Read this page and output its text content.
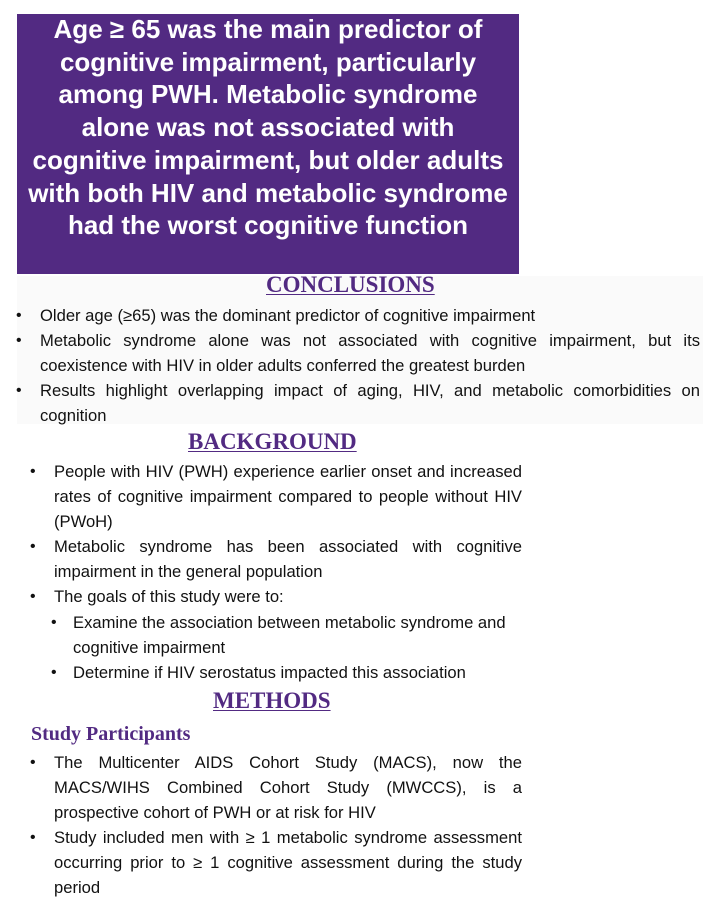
Age ≥ 65 was the main predictor of cognitive impairment, particularly among PWH. Metabolic syndrome alone was not associated with cognitive impairment, but older adults with both HIV and metabolic syndrome had the worst cognitive function
CONCLUSIONS
• Older age (≥65) was the dominant predictor of cognitive impairment
• Metabolic syndrome alone was not associated with cognitive impairment, but its coexistence with HIV in older adults conferred the greatest burden
• Results highlight overlapping impact of aging, HIV, and metabolic comorbidities on cognition
BACKGROUND
• People with HIV (PWH) experience earlier onset and increased rates of cognitive impairment compared to people without HIV (PWoH)
• Metabolic syndrome has been associated with cognitive impairment in the general population
• The goals of this study were to:
• Examine the association between metabolic syndrome and cognitive impairment
• Determine if HIV serostatus impacted this association
METHODS
Study Participants
• The Multicenter AIDS Cohort Study (MACS), now the MACS/WIHS Combined Cohort Study (MWCCS), is a prospective cohort of PWH or at risk for HIV
• Study included men with ≥ 1 metabolic syndrome assessment occurring prior to ≥ 1 cognitive assessment during the study period
